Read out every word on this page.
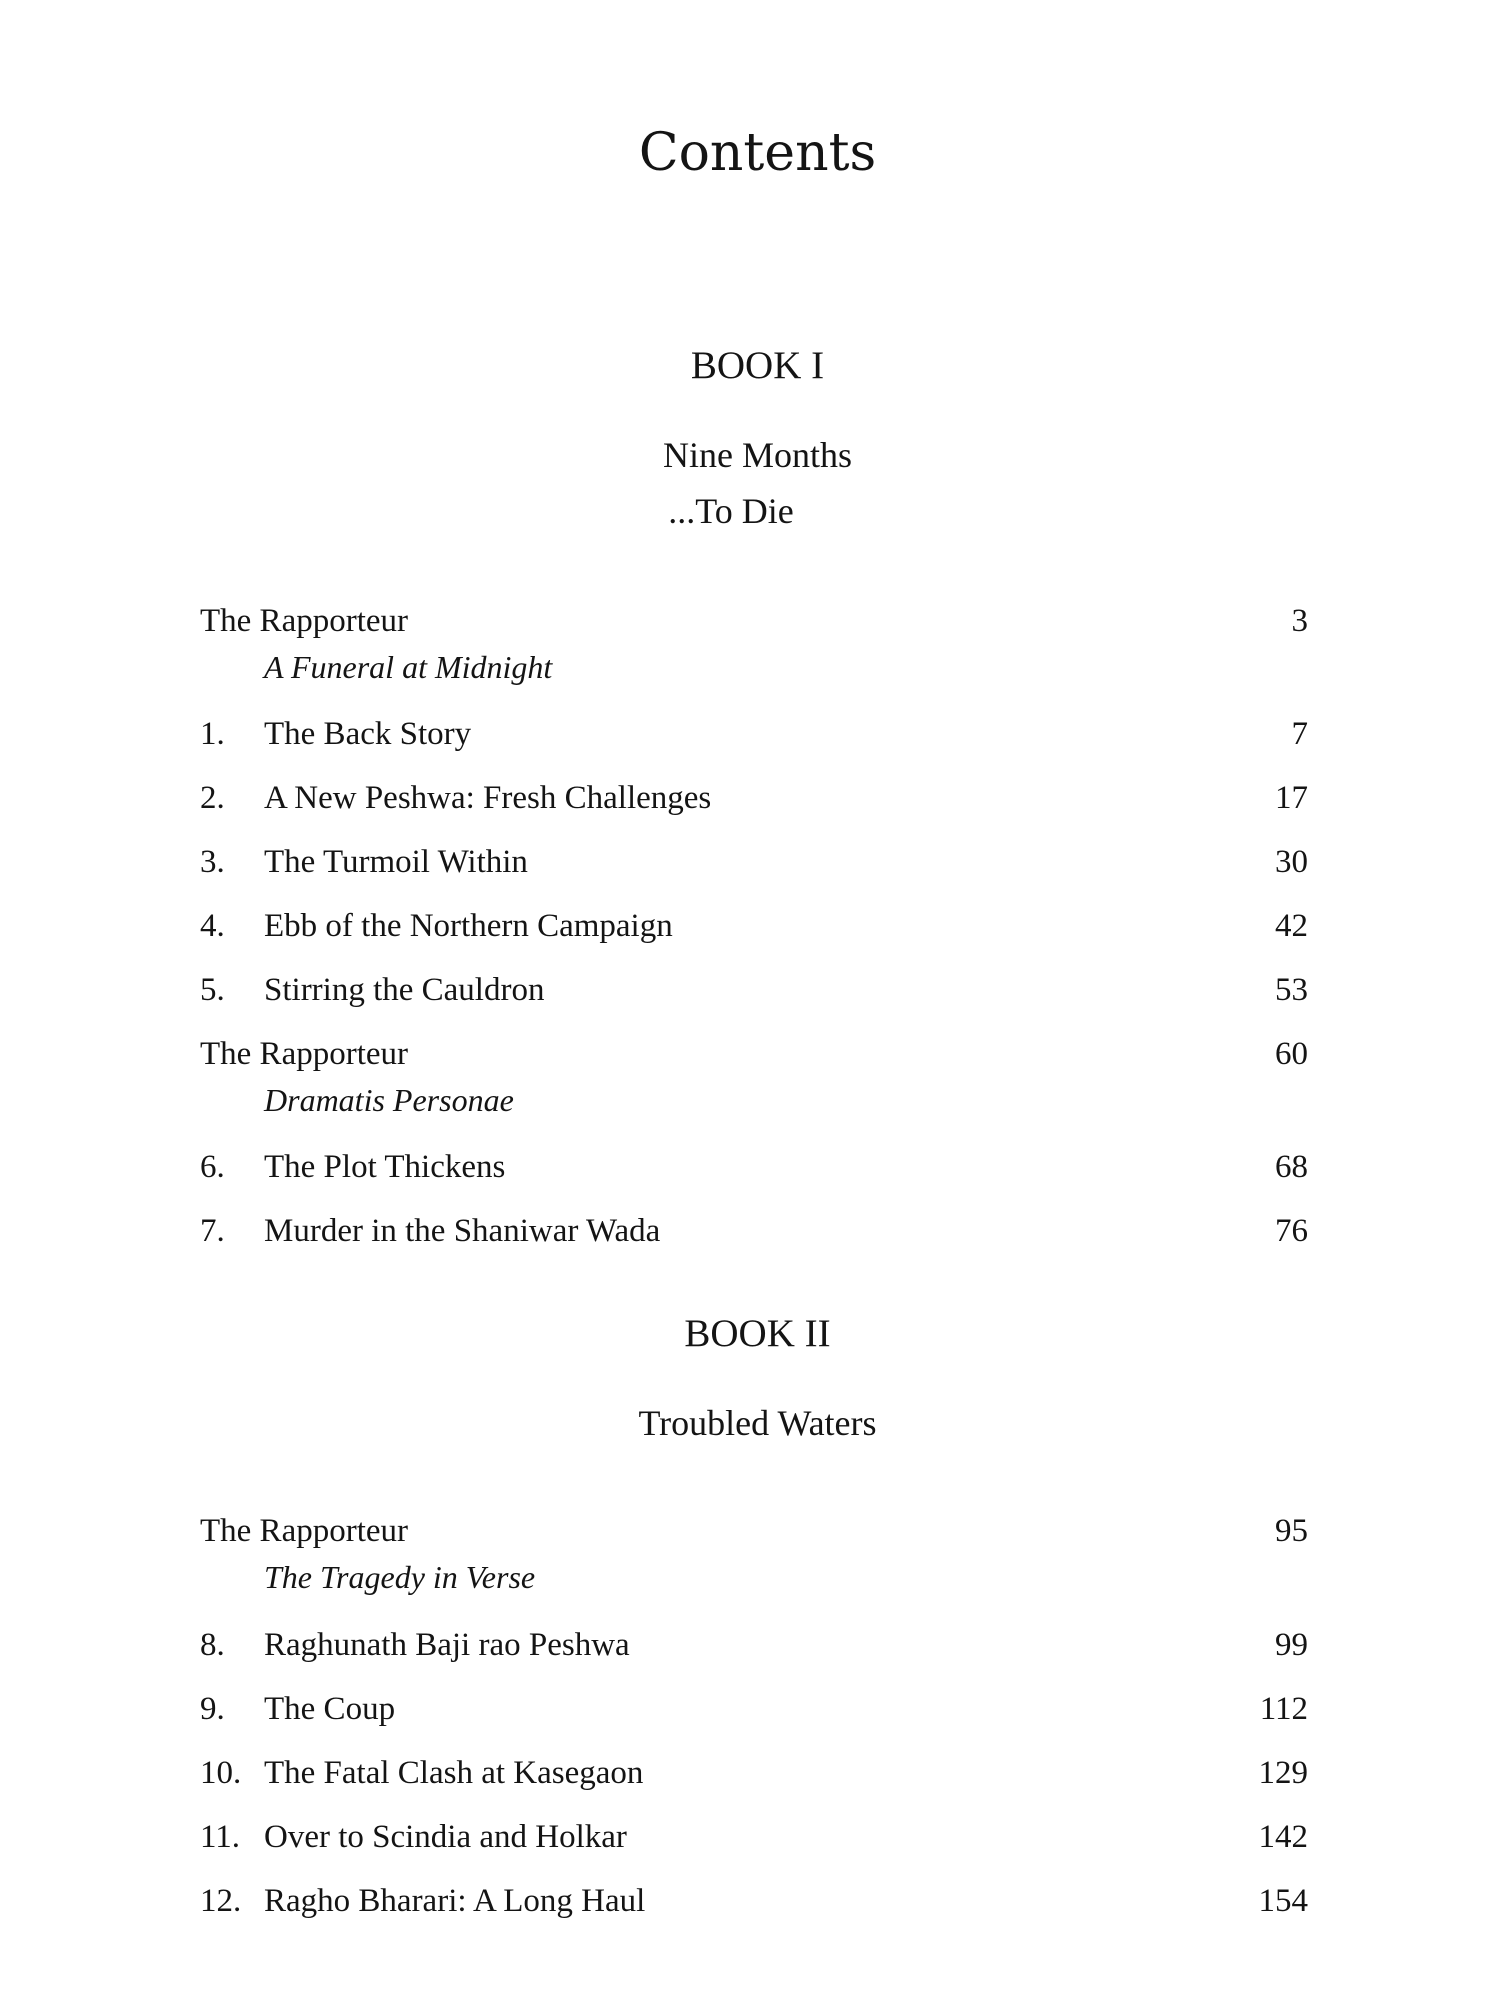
Contents
BOOK I
Nine Months
...To Die
The Rapporteur	3
A Funeral at Midnight
1.	The Back Story	7
2.	A New Peshwa: Fresh Challenges	17
3.	The Turmoil Within	30
4.	Ebb of the Northern Campaign	42
5.	Stirring the Cauldron	53
The Rapporteur	60
Dramatis Personae
6.	The Plot Thickens	68
7.	Murder in the Shaniwar Wada	76
BOOK II
Troubled Waters
The Rapporteur	95
The Tragedy in Verse
8.	Raghunath Baji rao Peshwa	99
9.	The Coup	112
10. The Fatal Clash at Kasegaon	129
11. Over to Scindia and Holkar	142
12. Ragho Bharari: A Long Haul	154
